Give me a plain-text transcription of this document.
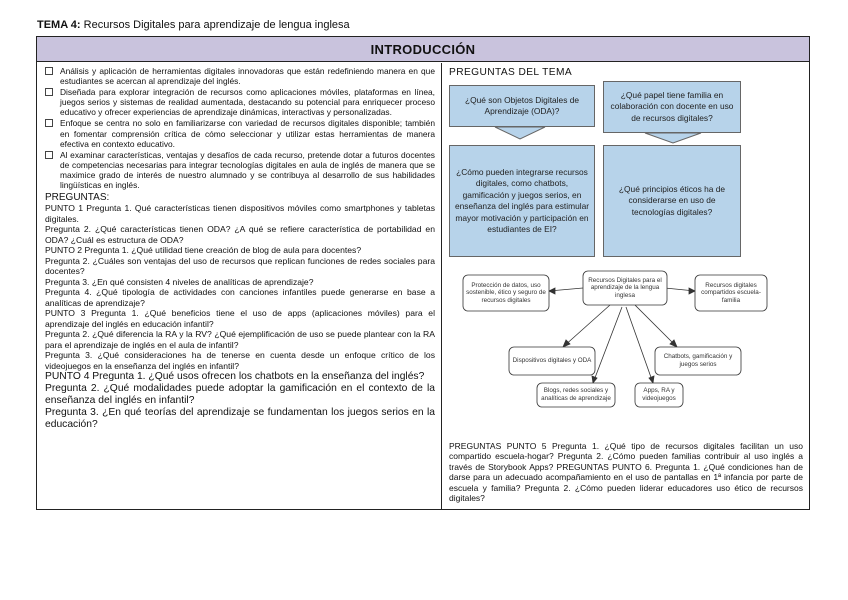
TEMA 4: Recursos Digitales para aprendizaje de lengua inglesa
INTRODUCCIÓN
Análisis y aplicación de herramientas digitales innovadoras que están redefiniendo manera en que estudiantes se acercan al aprendizaje del inglés.
Diseñada para explorar integración de recursos como aplicaciones móviles, plataformas en línea, juegos serios y sistemas de realidad aumentada, destacando su potencial para enriquecer proceso educativo y ofrecer experiencias de aprendizaje dinámicas, interactivas y personalizadas.
Enfoque se centra no solo en familiarizarse con variedad de recursos digitales disponible; también en fomentar comprensión crítica de cómo seleccionar y utilizar estas herramientas de manera efectiva en contexto educativo.
Al examinar características, ventajas y desafíos de cada recurso, pretende dotar a futuros docentes de competencias necesarias para integrar tecnologías digitales en aula de inglés de manera que se maximice grado de interés de nuestro alumnado y se contribuya al desarrollo de sus habilidades lingüísticas en inglés.
PREGUNTAS:
PUNTO 1 Pregunta 1. Qué características tienen dispositivos móviles como smartphones y tabletas digitales.
Pregunta 2. ¿Qué características tienen ODA? ¿A qué se refiere característica de portabilidad en ODA? ¿Cuál es estructura de ODA?
PUNTO 2 Pregunta 1. ¿Qué utilidad tiene creación de blog de aula para docentes?
Pregunta 2. ¿Cuáles son ventajas del uso de recursos que replican funciones de redes sociales para docentes?
Pregunta 3. ¿En qué consisten 4 niveles de analíticas de aprendizaje?
Pregunta 4. ¿Qué tipología de actividades con canciones infantiles puede generarse en base a analíticas de aprendizaje?
PUNTO 3 Pregunta 1. ¿Qué beneficios tiene el uso de apps (aplicaciones móviles) para el aprendizaje del inglés en educación infantil?
Pregunta 2. ¿Qué diferencia la RA y la RV? ¿Qué ejemplificación de uso se puede plantear con la RA para el aprendizaje de inglés en el aula de infantil?
Pregunta 3. ¿Qué consideraciones ha de tenerse en cuenta desde un enfoque crítico de los videojuegos en la enseñanza del inglés en infantil?
PUNTO 4 Pregunta 1. ¿Qué usos ofrecen los chatbots en la enseñanza del inglés?
Pregunta 2. ¿Qué modalidades puede adoptar la gamificación en el contexto de la enseñanza del inglés en infantil?
Pregunta 3. ¿En qué teorías del aprendizaje se fundamentan los juegos serios en la educación?
PREGUNTAS DEL TEMA
¿Qué son Objetos Digitales de Aprendizaje (ODA)?
¿Qué papel tiene familia en colaboración con docente en uso de recursos digitales?
¿Cómo pueden integrarse recursos digitales, como chatbots, gamificación y juegos serios, en enseñanza del inglés para estimular mayor motivación y participación en estudiantes de EI?
¿Qué principios éticos ha de considerarse en uso de tecnologías digitales?
Recursos Digitales para el aprendizaje de la lengua inglesa
Protección de datos, uso sostenible, ético y seguro de recursos digitales
Recursos digitales compartidos escuela-familia
Dispositivos digitales y ODA
Chatbots, gamificación y juegos serios
Blogs, redes sociales y analíticas de aprendizaje
Apps, RA y videojuegos
PREGUNTAS PUNTO 5 Pregunta 1. ¿Qué tipo de recursos digitales facilitan un uso compartido escuela-hogar? Pregunta 2. ¿Cómo pueden familias contribuir al uso inglés a través de Storybook Apps? PREGUNTAS PUNTO 6. Pregunta 1. ¿Qué condiciones han de darse para un adecuado acompañamiento en el uso de pantallas en 1ª infancia por parte de escuela y familia? Pregunta 2. ¿Cómo pueden liderar educadores uso ético de recursos digitales?
